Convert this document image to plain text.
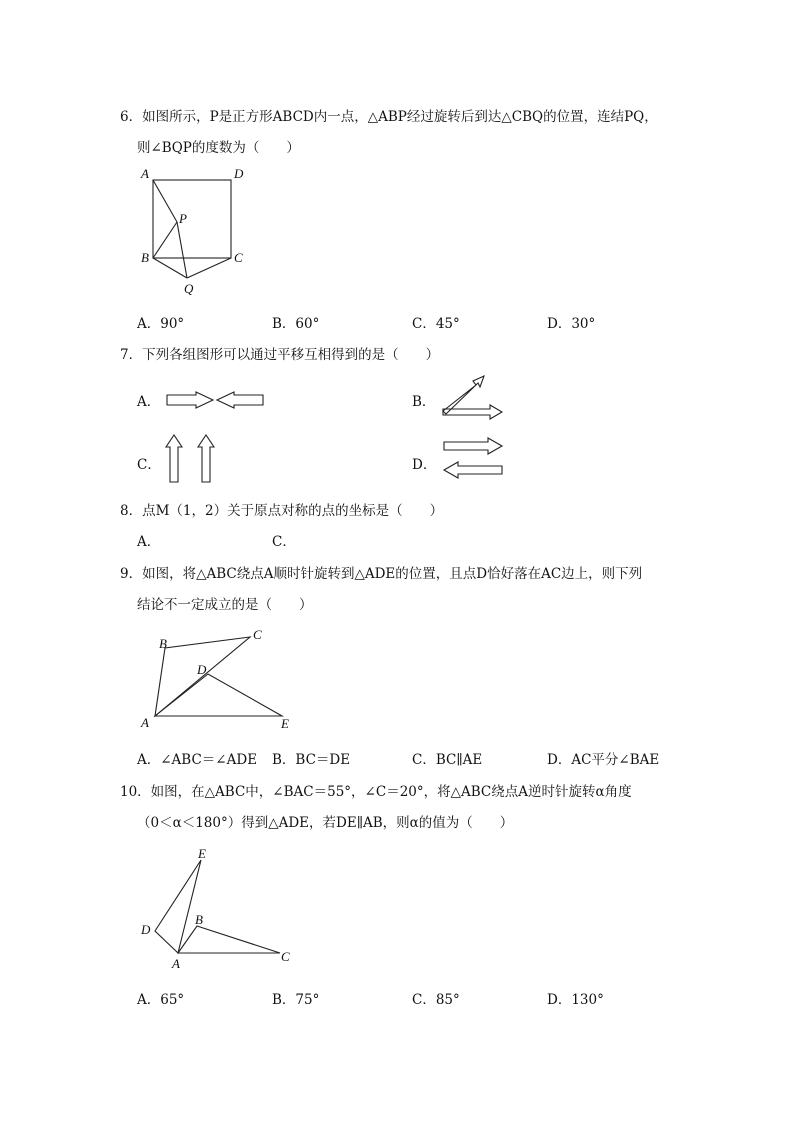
6．如图所示，P是正方形ABCD内一点，△ABP经过旋转后到达△CBQ的位置，连结PQ，
则∠BQP的度数为（　　）
A	D
P
B	C
Q
A．90°	B．60°	C．45°	D．30°
7．下列各组图形可以通过平移互相得到的是（　　）
A．	B．
C．	D．
8．点M（1，2）关于原点对称的点的坐标是（　　）
A．	C．
9．如图，将△ABC绕点A顺时针旋转到△ADE的位置，且点D恰好落在AC边上，则下列
结论不一定成立的是（　　）
B
C
D
A	E
A．∠ABC＝∠ADE B．BC＝DE	C．BC∥AE	D．AC平分∠BAE
10．如图，在△ABC中，∠BAC＝55°，∠C＝20°，将△ABC绕点A逆时针旋转α角度
（0＜α＜180°）得到△ADE，若DE∥AB，则α的值为（　　）
E
D
B
A	C
A．65°	B．75°	C．85°	D．130°
